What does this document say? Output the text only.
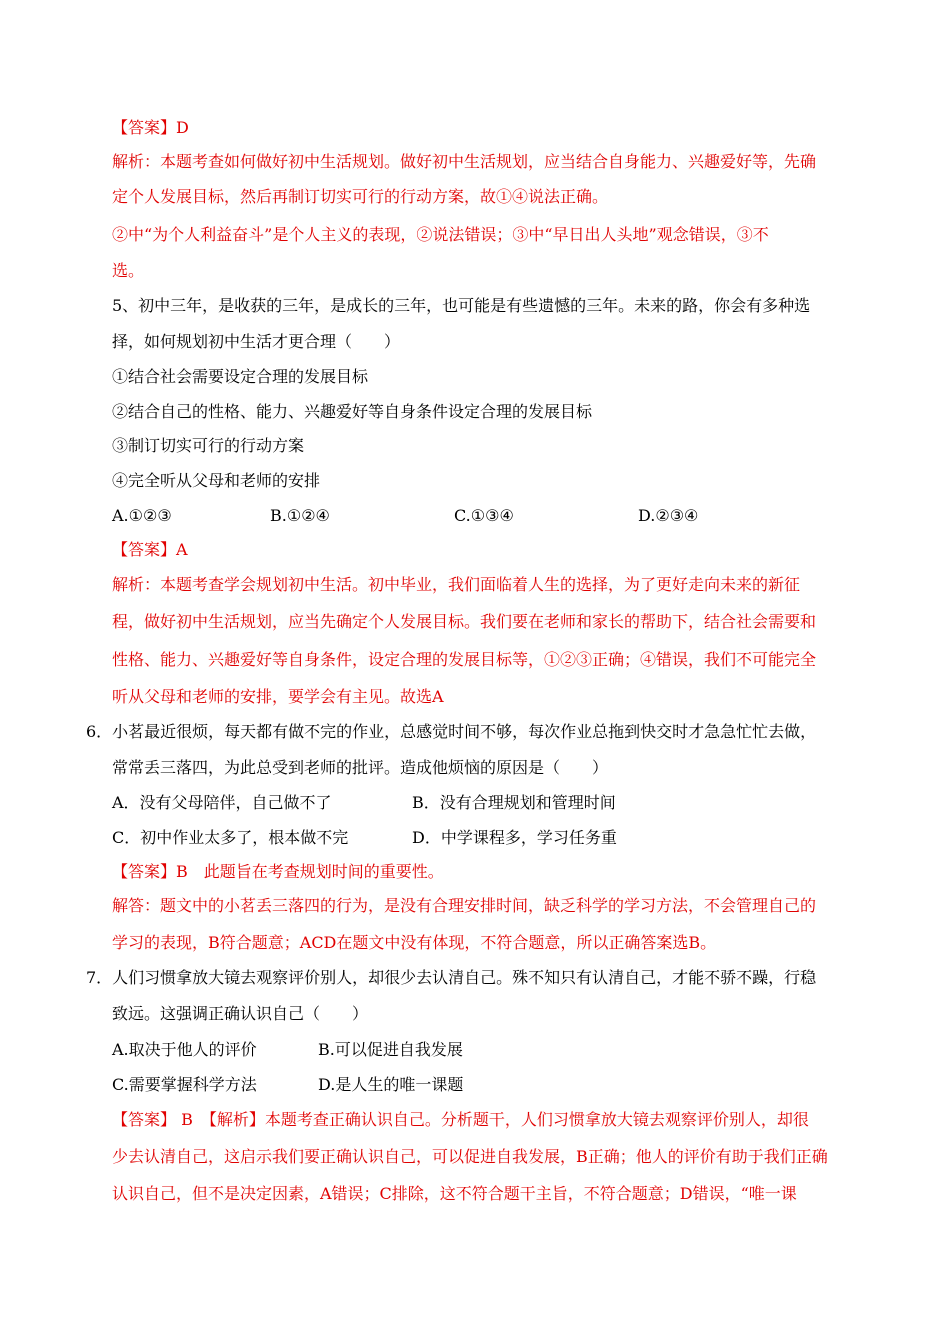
【答案】D
解析：本题考查如何做好初中生活规划。做好初中生活规划，应当结合自身能力、兴趣爱好等，先确
定个人发展目标，然后再制订切实可行的行动方案，故①④说法正确。
②中“为个人利益奋斗”是个人主义的表现，②说法错误；③中“早日出人头地”观念错误，③不
选。
5、初中三年，是收获的三年，是成长的三年，也可能是有些遗憾的三年。未来的路，你会有多种选
择，如何规划初中生活才更合理（　　）
①结合社会需要设定合理的发展目标
②结合自己的性格、能力、兴趣爱好等自身条件设定合理的发展目标
③制订切实可行的行动方案
④完全听从父母和老师的安排
A.①②③	B.①②④	C.①③④	D.②③④
【答案】A
解析：本题考查学会规划初中生活。初中毕业，我们面临着人生的选择，为了更好走向未来的新征
程，做好初中生活规划，应当先确定个人发展目标。我们要在老师和家长的帮助下，结合社会需要和
性格、能力、兴趣爱好等自身条件，设定合理的发展目标等，①②③正确；④错误，我们不可能完全
听从父母和老师的安排，要学会有主见。故选A
6．小茗最近很烦，每天都有做不完的作业，总感觉时间不够，每次作业总拖到快交时才急急忙忙去做，
常常丢三落四，为此总受到老师的批评。造成他烦恼的原因是（　　）
A．没有父母陪伴，自己做不了	B．没有合理规划和管理时间
C．初中作业太多了，根本做不完	D．中学课程多，学习任务重
【答案】B　此题旨在考查规划时间的重要性。
解答：题文中的小茗丢三落四的行为，是没有合理安排时间，缺乏科学的学习方法，不会管理自己的
学习的表现，B符合题意；ACD在题文中没有体现，不符合题意，所以正确答案选B。
7．人们习惯拿放大镜去观察评价别人，却很少去认清自己。殊不知只有认清自己，才能不骄不躁，行稳
致远。这强调正确认识自己（　　）
A.取决于他人的评价	B.可以促进自我发展
C.需要掌握科学方法	D.是人生的唯一课题
【答案】 B　【解析】本题考查正确认识自己。分析题干，人们习惯拿放大镜去观察评价别人，却很
少去认清自己，这启示我们要正确认识自己，可以促进自我发展，B正确；他人的评价有助于我们正确
认识自己，但不是决定因素，A错误；C排除，这不符合题干主旨，不符合题意；D错误，“唯一课
